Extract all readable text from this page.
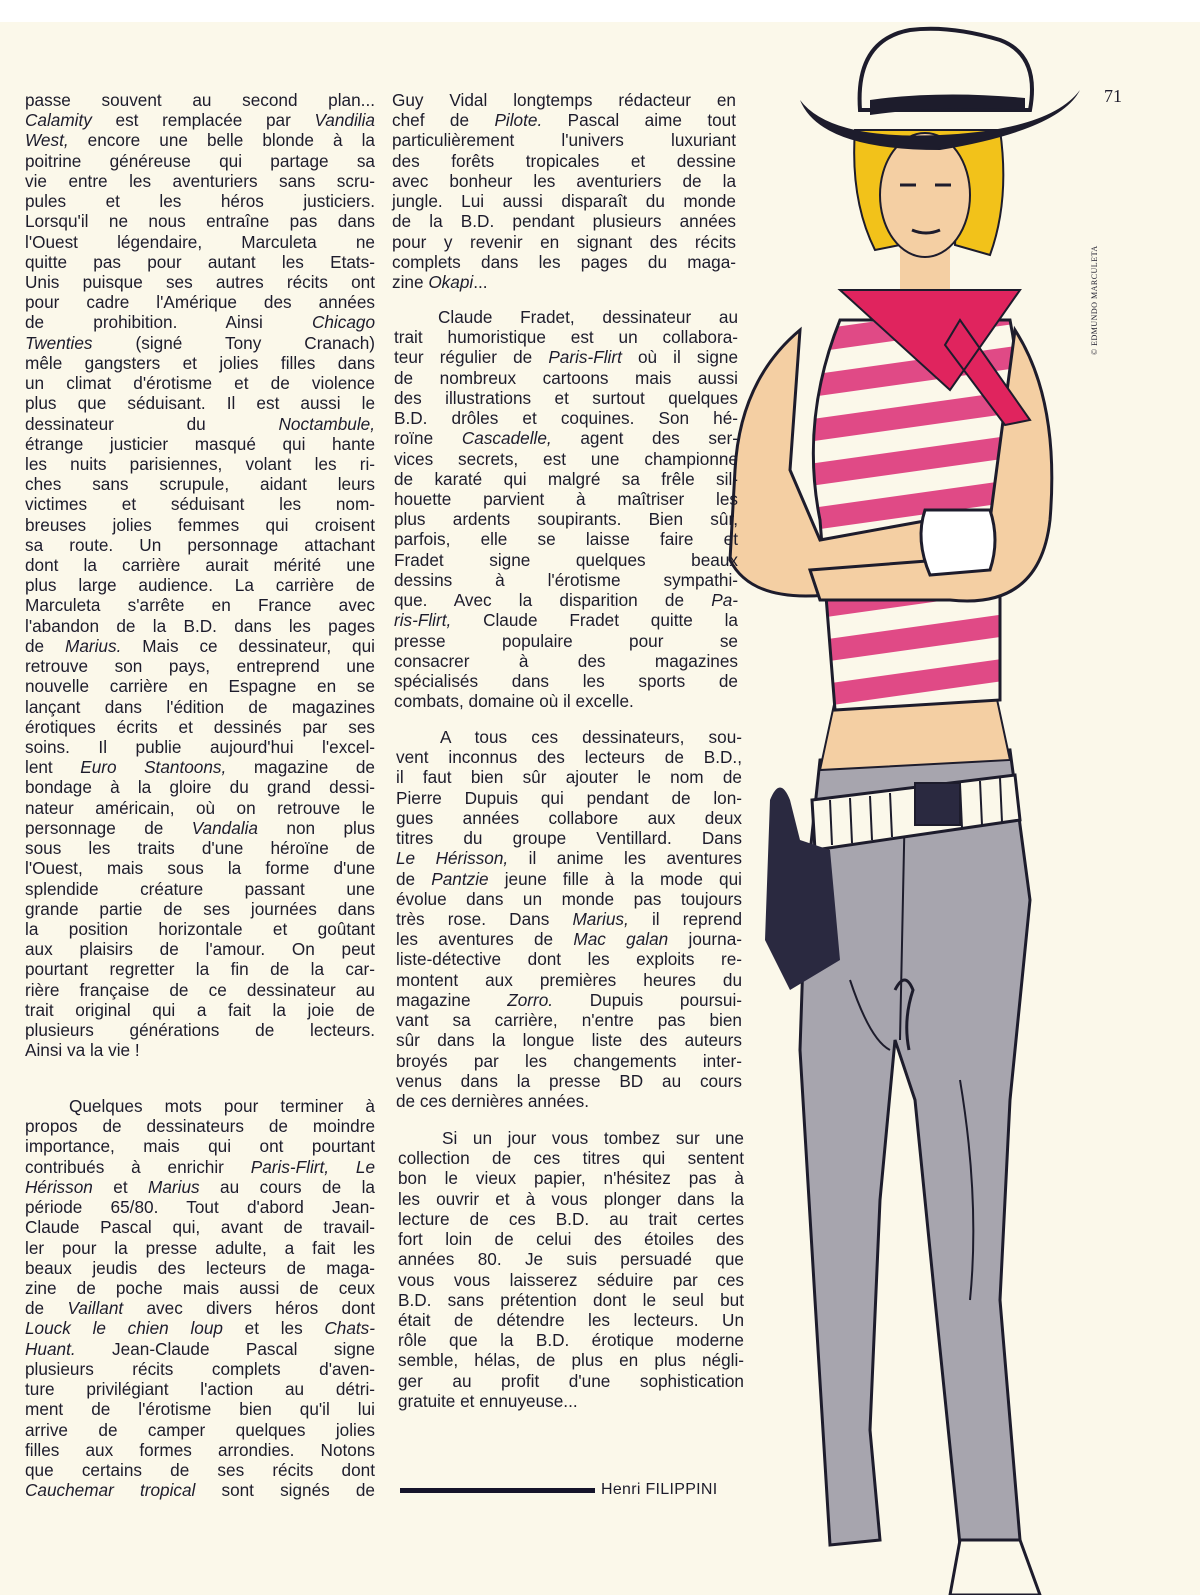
71
© EDMUNDO MARCULETA
passe souvent au second plan...
Calamity est remplacée par Vandilia
West, encore une belle blonde à la
poitrine généreuse qui partage sa
vie entre les aventuriers sans scru-
pules et les héros justiciers.
Lorsqu'il ne nous entraîne pas dans
l'Ouest légendaire, Marculeta ne
quitte pas pour autant les Etats-
Unis puisque ses autres récits ont
pour cadre l'Amérique des années
de prohibition. Ainsi Chicago
Twenties (signé Tony Cranach)
mêle gangsters et jolies filles dans
un climat d'érotisme et de violence
plus que séduisant. Il est aussi le
dessinateur du Noctambule,
étrange justicier masqué qui hante
les nuits parisiennes, volant les ri-
ches sans scrupule, aidant leurs
victimes et séduisant les nom-
breuses jolies femmes qui croisent
sa route. Un personnage attachant
dont la carrière aurait mérité une
plus large audience. La carrière de
Marculeta s'arrête en France avec
l'abandon de la B.D. dans les pages
de Marius. Mais ce dessinateur, qui
retrouve son pays, entreprend une
nouvelle carrière en Espagne en se
lançant dans l'édition de magazines
érotiques écrits et dessinés par ses
soins. Il publie aujourd'hui l'excel-
lent Euro Stantoons, magazine de
bondage à la gloire du grand dessi-
nateur américain, où on retrouve le
personnage de Vandalia non plus
sous les traits d'une héroïne de
l'Ouest, mais sous la forme d'une
splendide créature passant une
grande partie de ses journées dans
la position horizontale et goûtant
aux plaisirs de l'amour. On peut
pourtant regretter la fin de la car-
rière française de ce dessinateur au
trait original qui a fait la joie de
plusieurs générations de lecteurs.
Ainsi va la vie !
Quelques mots pour terminer à
propos de dessinateurs de moindre
importance, mais qui ont pourtant
contribués à enrichir Paris-Flirt, Le
Hérisson et Marius au cours de la
période 65/80. Tout d'abord Jean-
Claude Pascal qui, avant de travail-
ler pour la presse adulte, a fait les
beaux jeudis des lecteurs de maga-
zine de poche mais aussi de ceux
de Vaillant avec divers héros dont
Louck le chien loup et les Chats-
Huant. Jean-Claude Pascal signe
plusieurs récits complets d'aven-
ture privilégiant l'action au détri-
ment de l'érotisme bien qu'il lui
arrive de camper quelques jolies
filles aux formes arrondies. Notons
que certains de ses récits dont
Cauchemar tropical sont signés de
Guy Vidal longtemps rédacteur en
chef de Pilote. Pascal aime tout
particulièrement l'univers luxuriant
des forêts tropicales et dessine
avec bonheur les aventuriers de la
jungle. Lui aussi disparaît du monde
de la B.D. pendant plusieurs années
pour y revenir en signant des récits
complets dans les pages du maga-
zine Okapi...
Claude Fradet, dessinateur au
trait humoristique est un collabora-
teur régulier de Paris-Flirt où il signe
de nombreux cartoons mais aussi
des illustrations et surtout quelques
B.D. drôles et coquines. Son hé-
roïne Cascadelle, agent des ser-
vices secrets, est une championne
de karaté qui malgré sa frêle sil-
houette parvient à maîtriser les
plus ardents soupirants. Bien sûr,
parfois, elle se laisse faire et
Fradet signe quelques beaux
dessins à l'érotisme sympathi-
que. Avec la disparition de Pa-
ris-Flirt, Claude Fradet quitte la
presse populaire pour se
consacrer à des magazines
spécialisés dans les sports de
combats, domaine où il excelle.
A tous ces dessinateurs, sou-
vent inconnus des lecteurs de B.D.,
il faut bien sûr ajouter le nom de
Pierre Dupuis qui pendant de lon-
gues années collabore aux deux
titres du groupe Ventillard. Dans
Le Hérisson, il anime les aventures
de Pantzie jeune fille à la mode qui
évolue dans un monde pas toujours
très rose. Dans Marius, il reprend
les aventures de Mac galan journa-
liste-détective dont les exploits re-
montent aux premières heures du
magazine Zorro. Dupuis poursui-
vant sa carrière, n'entre pas bien
sûr dans la longue liste des auteurs
broyés par les changements inter-
venus dans la presse BD au cours
de ces dernières années.
Si un jour vous tombez sur une
collection de ces titres qui sentent
bon le vieux papier, n'hésitez pas à
les ouvrir et à vous plonger dans la
lecture de ces B.D. au trait certes
fort loin de celui des étoiles des
années 80. Je suis persuadé que
vous vous laisserez séduire par ces
B.D. sans prétention dont le seul but
était de détendre les lecteurs. Un
rôle que la B.D. érotique moderne
semble, hélas, de plus en plus négli-
ger au profit d'une sophistication
gratuite et ennuyeuse...
Henri FILIPPINI
